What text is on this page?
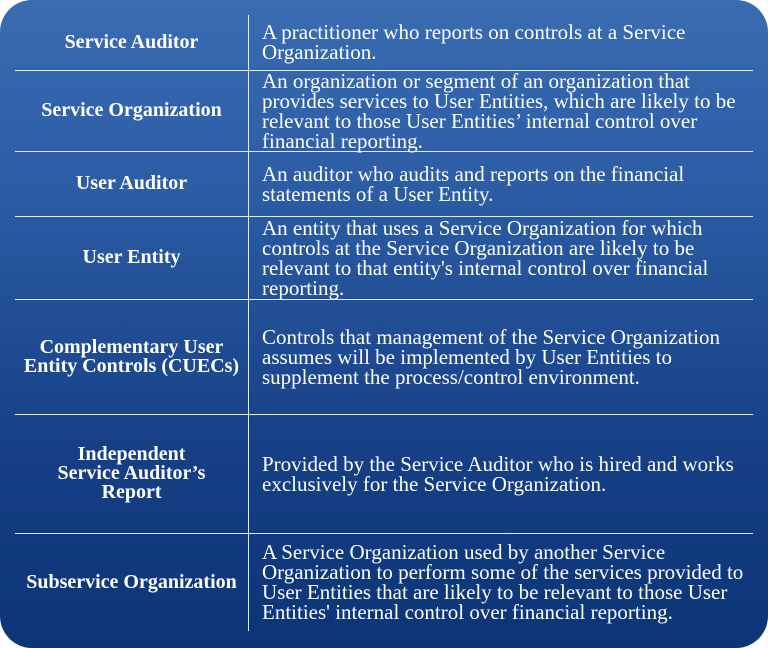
Service Auditor	A practitioner who reports on controls at a Service Organization.
Service Organization	An organization or segment of an organization that provides services to User Entities, which are likely to be relevant to those User Entities’ internal control over financial reporting.
User Auditor	An auditor who audits and reports on the financial statements of a User Entity.
User Entity	An entity that uses a Service Organization for which controls at the Service Organization are likely to be relevant to that entity's internal control over financial reporting.
Complementary User Entity Controls (CUECs)	Controls that management of the Service Organization assumes will be implemented by User Entities to supplement the process/control environment.
Independent Service Auditor’s Report	Provided by the Service Auditor who is hired and works exclusively for the Service Organization.
Subservice Organization	A Service Organization used by another Service Organization to perform some of the services provided to User Entities that are likely to be relevant to those User Entities' internal control over financial reporting.
